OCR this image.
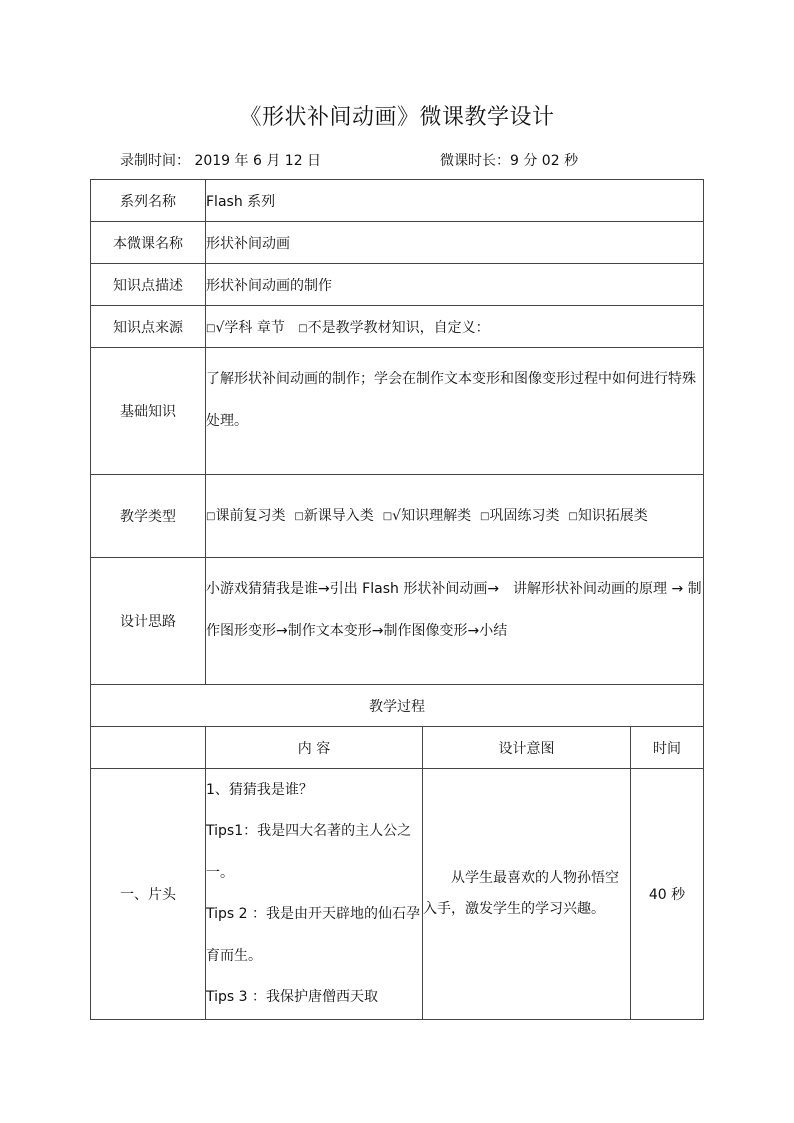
《形状补间动画》微课教学设计
录制时间： 2019 年 6 月 12 日	微课时长：9 分 02 秒
系列名称	Flash 系列		
本微课名称	形状补间动画		
知识点描述	形状补间动画的制作		
知识点来源	□√学科 章节 □不是教学教材知识，自定义：		
基础知识	了解形状补间动画的制作；学会在制作文本变形和图像变形过程中如何进行特殊处理。		
教学类型	□课前复习类 □新课导入类 □√知识理解类 □巩固练习类 □知识拓展类		
设计思路	小游戏猜猜我是谁→引出 Flash 形状补间动画→　讲解形状补间动画的原理 → 制作图形变形→制作文本变形→制作图像变形→小结		
教学过程			
	内 容	设计意图	时间
一、片头	1、猜猜我是谁？
Tips1：我是四大名著的主人公之一。
Tips 2 ：我是由开天辟地的仙石孕育而生。
Tips 3 ：我保护唐僧西天取	从学生最喜欢的人物孙悟空入手，激发学生的学习兴趣。	40 秒
